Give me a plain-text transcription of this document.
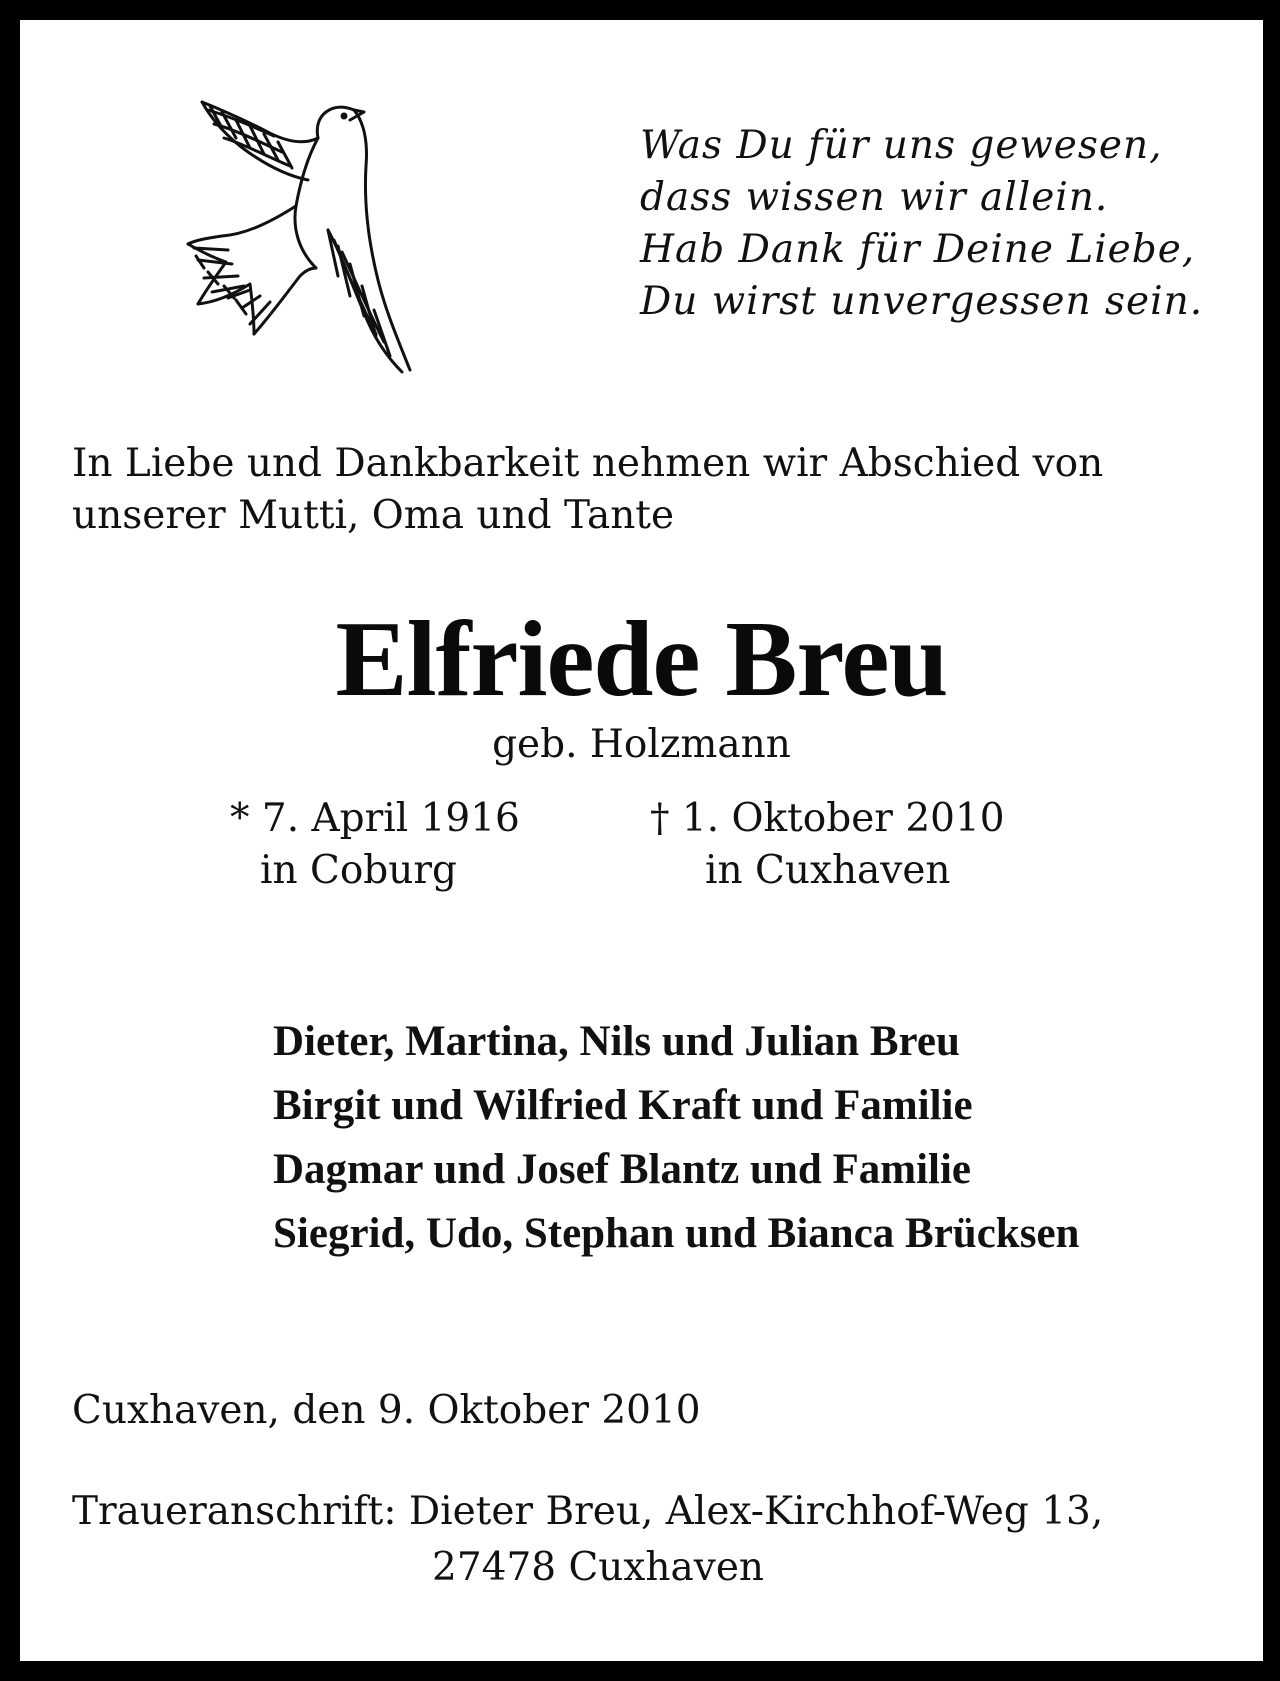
Was Du für uns gewesen,
dass wissen wir allein.
Hab Dank für Deine Liebe,
Du wirst unvergessen sein.
In Liebe und Dankbarkeit nehmen wir Abschied von
unserer Mutti, Oma und Tante
Elfriede Breu
geb. Holzmann
* 7. April 1916
in Coburg
† 1. Oktober 2010
in Cuxhaven
Dieter, Martina, Nils und Julian Breu
Birgit und Wilfried Kraft und Familie
Dagmar und Josef Blantz und Familie
Siegrid, Udo, Stephan und Bianca Brücksen
Cuxhaven, den 9. Oktober 2010
Traueranschrift: Dieter Breu, Alex-Kirchhof-Weg 13,
27478 Cuxhaven
